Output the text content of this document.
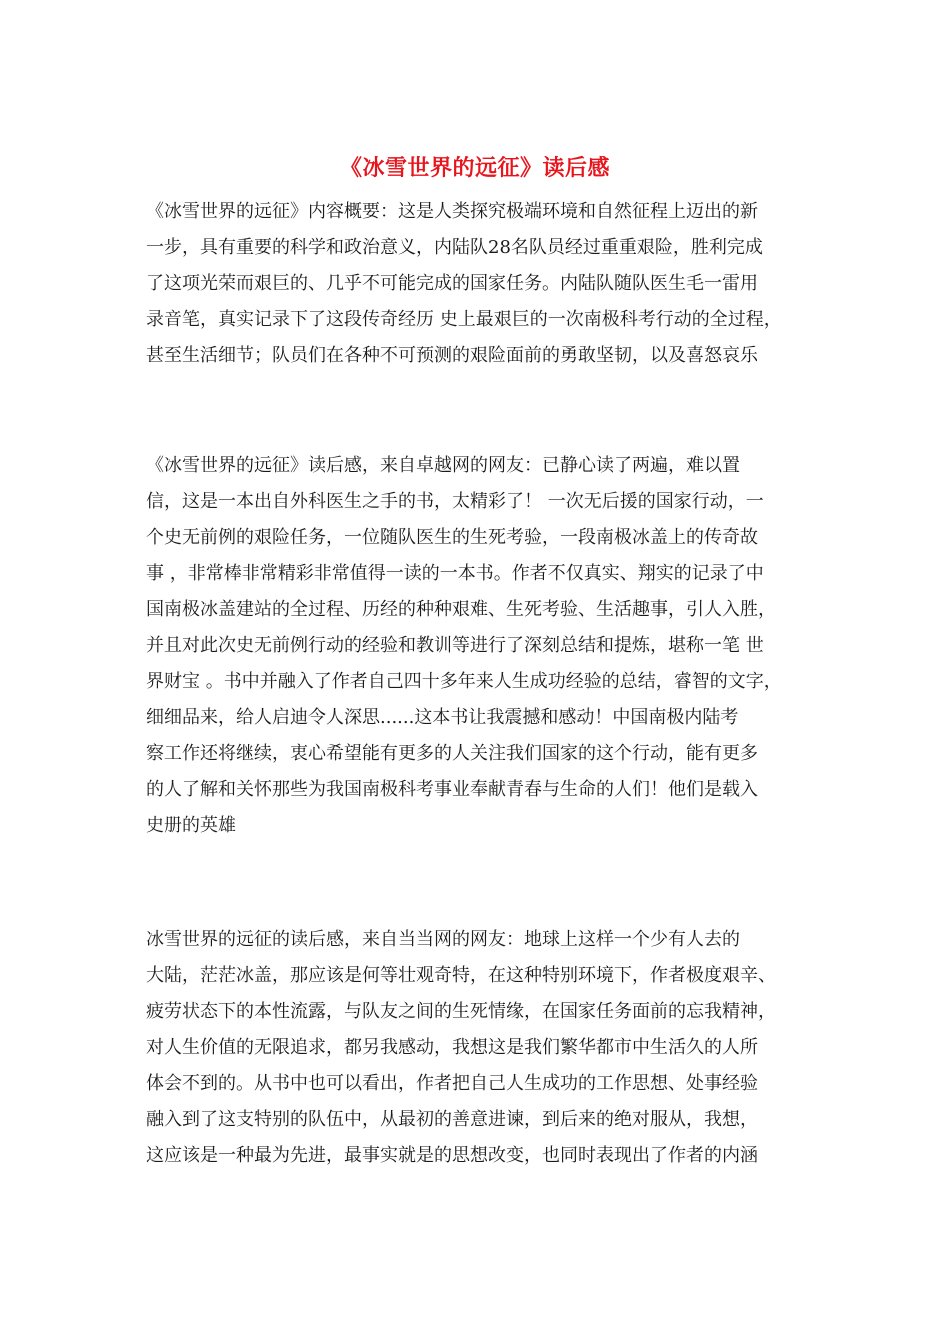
《冰雪世界的远征》读后感
《冰雪世界的远征》内容概要：这是人类探究极端环境和自然征程上迈出的新
一步，具有重要的科学和政治意义，内陆队28名队员经过重重艰险，胜利完成
了这项光荣而艰巨的、几乎不可能完成的国家任务。内陆队随队医生毛一雷用
录音笔，真实记录下了这段传奇经历 史上最艰巨的一次南极科考行动的全过程，
甚至生活细节；队员们在各种不可预测的艰险面前的勇敢坚韧，以及喜怒哀乐
《冰雪世界的远征》读后感，来自卓越网的网友：已静心读了两遍，难以置
信，这是一本出自外科医生之手的书，太精彩了！ 一次无后援的国家行动，一
个史无前例的艰险任务，一位随队医生的生死考验，一段南极冰盖上的传奇故
事 ，非常棒非常精彩非常值得一读的一本书。作者不仅真实、翔实的记录了中
国南极冰盖建站的全过程、历经的种种艰难、生死考验、生活趣事，引人入胜，
并且对此次史无前例行动的经验和教训等进行了深刻总结和提炼，堪称一笔 世
界财宝 。书中并融入了作者自己四十多年来人生成功经验的总结，睿智的文字，
细细品来，给人启迪令人深思......这本书让我震撼和感动！中国南极内陆考
察工作还将继续，衷心希望能有更多的人关注我们国家的这个行动，能有更多
的人了解和关怀那些为我国南极科考事业奉献青春与生命的人们！他们是载入
史册的英雄
冰雪世界的远征的读后感，来自当当网的网友：地球上这样一个少有人去的
大陆，茫茫冰盖，那应该是何等壮观奇特，在这种特别环境下，作者极度艰辛、
疲劳状态下的本性流露，与队友之间的生死情缘，在国家任务面前的忘我精神，
对人生价值的无限追求，都另我感动，我想这是我们繁华都市中生活久的人所
体会不到的。从书中也可以看出，作者把自己人生成功的工作思想、处事经验
融入到了这支特别的队伍中，从最初的善意进谏，到后来的绝对服从，我想，
这应该是一种最为先进，最事实就是的思想改变，也同时表现出了作者的内涵
